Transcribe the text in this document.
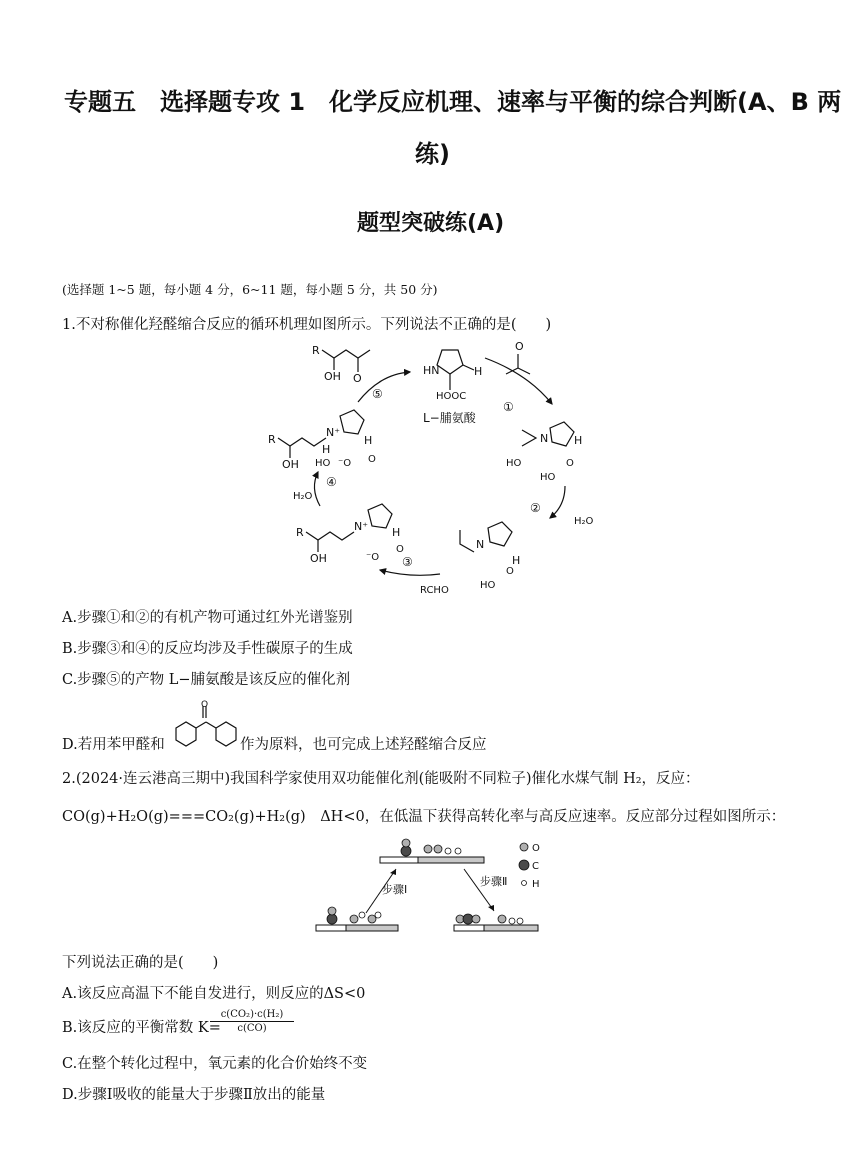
专题五　选择题专攻 1　化学反应机理、速率与平衡的综合判断(A、B 两
练)
题型突破练(A)
(选择题 1~5 题，每小题 4 分，6~11 题，每小题 5 分，共 50 分)
1.不对称催化羟醛缩合反应的循环机理如图所示。下列说法不正确的是(　　)
HN	H
HOOC
L−脯氨酸
R
O
OH
R
OH
N⁺
H
H
HO ⁻O O
H₂O
O
N
HO
H
HO
O
H₂O
N
H
HO
O
R
OH
N⁺ H
⁻O
O
RCHO
①
②
③
④
⑤
A.步骤①和②的有机产物可通过红外光谱鉴别
B.步骤③和④的反应均涉及手性碳原子的生成
C.步骤⑤的产物 L−脯氨酸是该反应的催化剂
D.若用苯甲醛和
O
作为原料，也可完成上述羟醛缩合反应
2.(2024·连云港高三期中)我国科学家使用双功能催化剂(能吸附不同粒子)催化水煤气制 H₂，反应：
CO(g)+H₂O(g)===CO₂(g)+H₂(g)　ΔH<0，在低温下获得高转化率与高反应速率。反应部分过程如图所示：
O
C
H
步骤Ⅰ
步骤Ⅱ
下列说法正确的是(　　)
A.该反应高温下不能自发进行，则反应的ΔS<0
B.该反应的平衡常数 K=
$\frac{\text{c(CO₂)·c(H₂)}}{c(CO)}$
C.在整个转化过程中，氧元素的化合价始终不变
D.步骤Ⅰ吸收的能量大于步骤Ⅱ放出的能量
